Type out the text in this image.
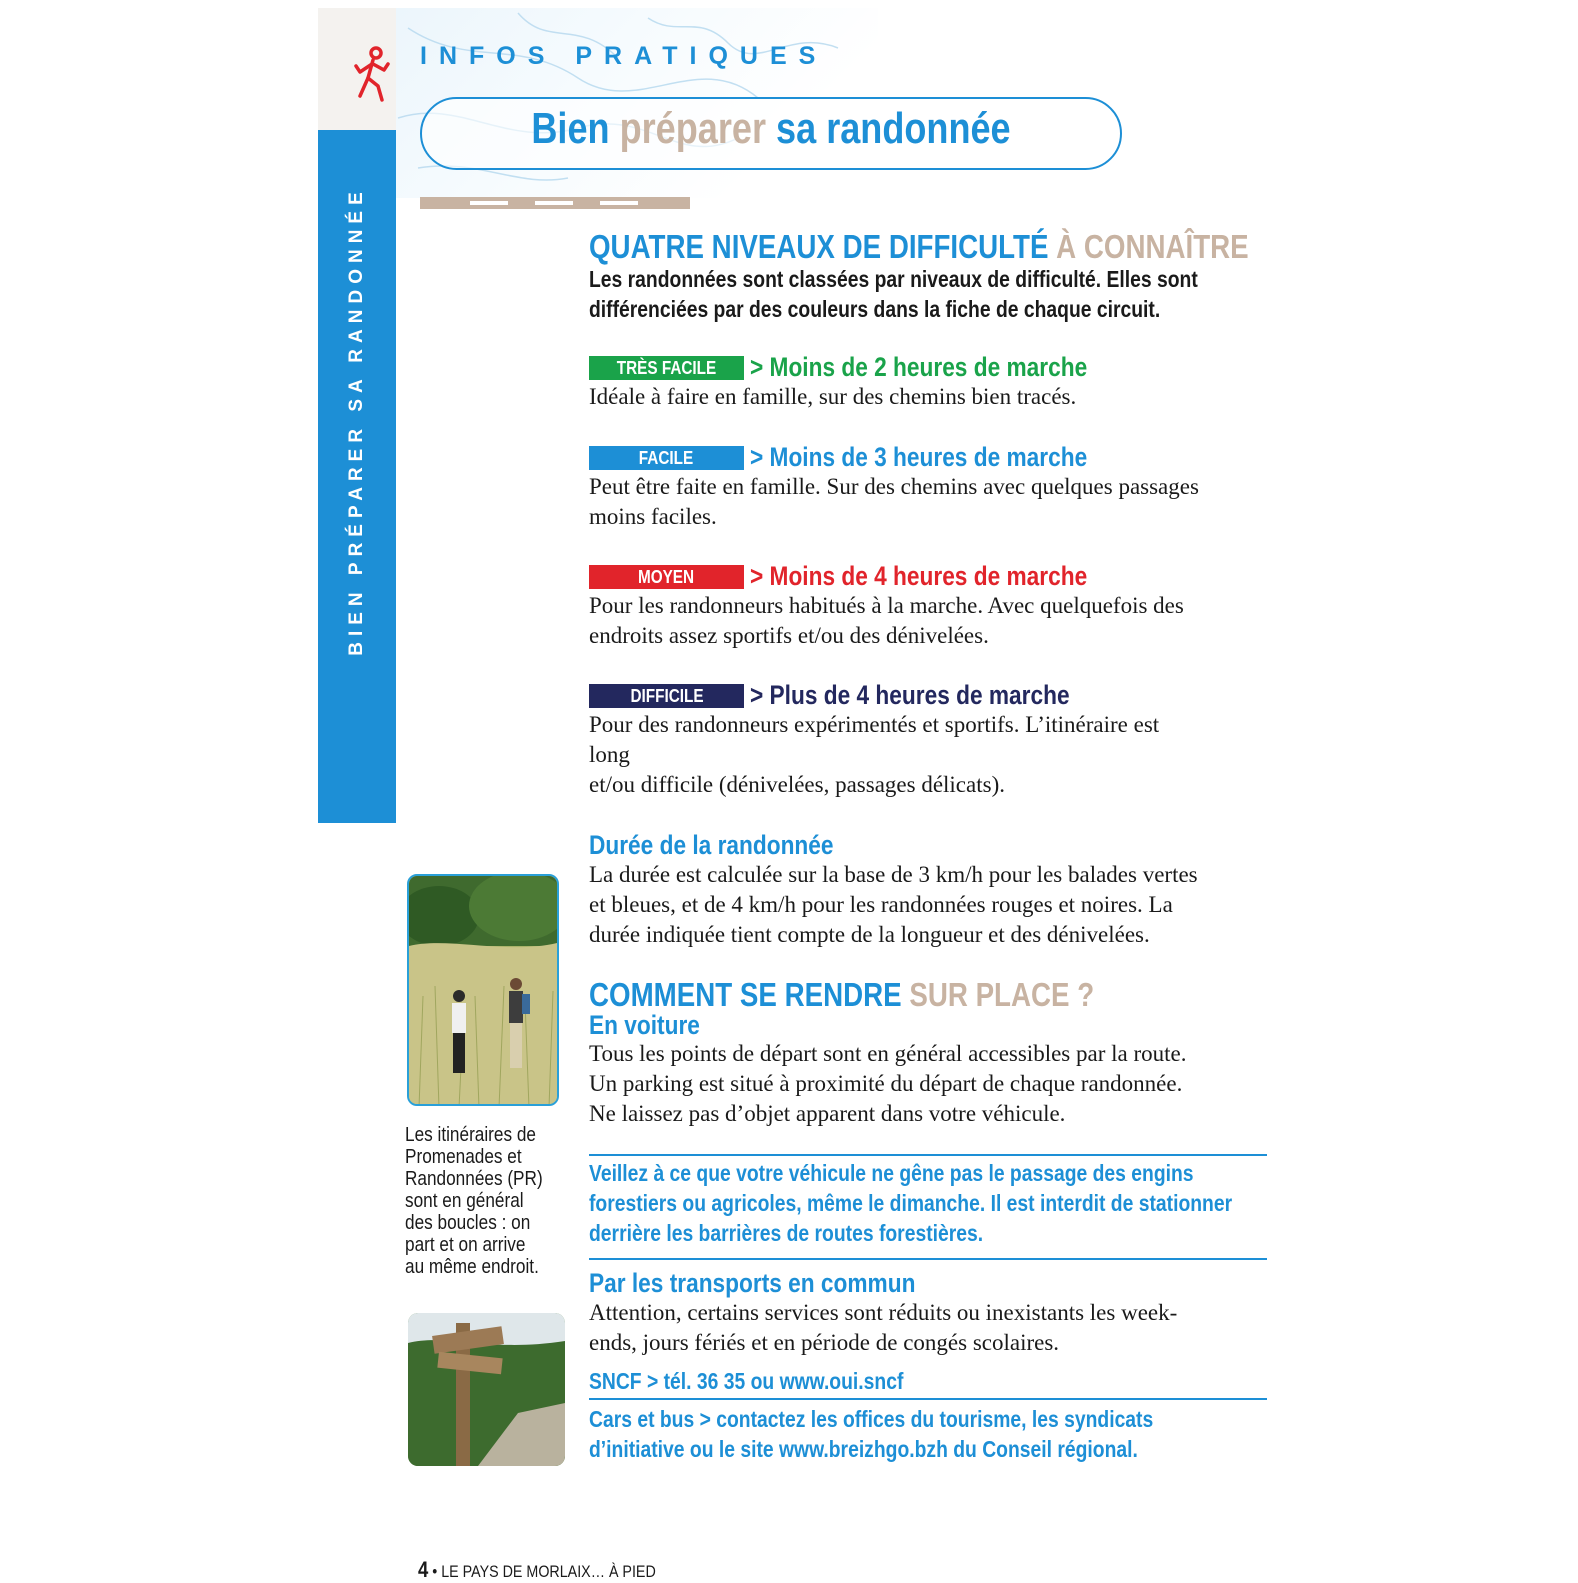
INFOS PRATIQUES
Bien préparer sa randonnée
BIEN PRÉPARER SA RANDONNÉE	QUATRE NIVEAUX DE DIFFICULTÉ À CONNAÎTRE
Les randonnées sont classées par niveaux de difficulté. Elles sont
différenciées par des couleurs dans la fiche de chaque circuit.
TRÈS FACILE	> Moins de 2 heures de marche
Idéale à faire en famille, sur des chemins bien tracés.
FACILE	> Moins de 3 heures de marche
Peut être faite en famille. Sur des chemins avec quelques passages
moins faciles.
MOYEN	> Moins de 4 heures de marche
Pour les randonneurs habitués à la marche. Avec quelquefois des
endroits assez sportifs et/ou des dénivelées.
DIFFICILE	> Plus de 4 heures de marche
Pour des randonneurs expérimentés et sportifs. L’itinéraire est
long
et/ou difficile (dénivelées, passages délicats).
Durée de la randonnée
La durée est calculée sur la base de 3 km/h pour les balades vertes
et bleues, et de 4 km/h pour les randonnées rouges et noires. La
durée indiquée tient compte de la longueur et des dénivelées.
COMMENT SE RENDRE SUR PLACE ?
En voiture
Tous les points de départ sont en général accessibles par la route.
Un parking est situé à proximité du départ de chaque randonnée.
Ne laissez pas d’objet apparent dans votre véhicule.
Veillez à ce que votre véhicule ne gêne pas le passage des engins
forestiers ou agricoles, même le dimanche. Il est interdit de stationner
derrière les barrières de routes forestières.
Par les transports en commun
Attention, certains services sont réduits ou inexistants les week-
ends, jours fériés et en période de congés scolaires.
SNCF > tél. 36 35 ou www.oui.sncf
Cars et bus > contactez les offices du tourisme, les syndicats
d’initiative ou le site www.breizhgo.bzh du Conseil régional.
Les itinéraires de
Promenades et
Randonnées (PR)
sont en général
des boucles : on
part et on arrive
au même endroit.
4 • LE PAYS DE MORLAIX… À PIED
